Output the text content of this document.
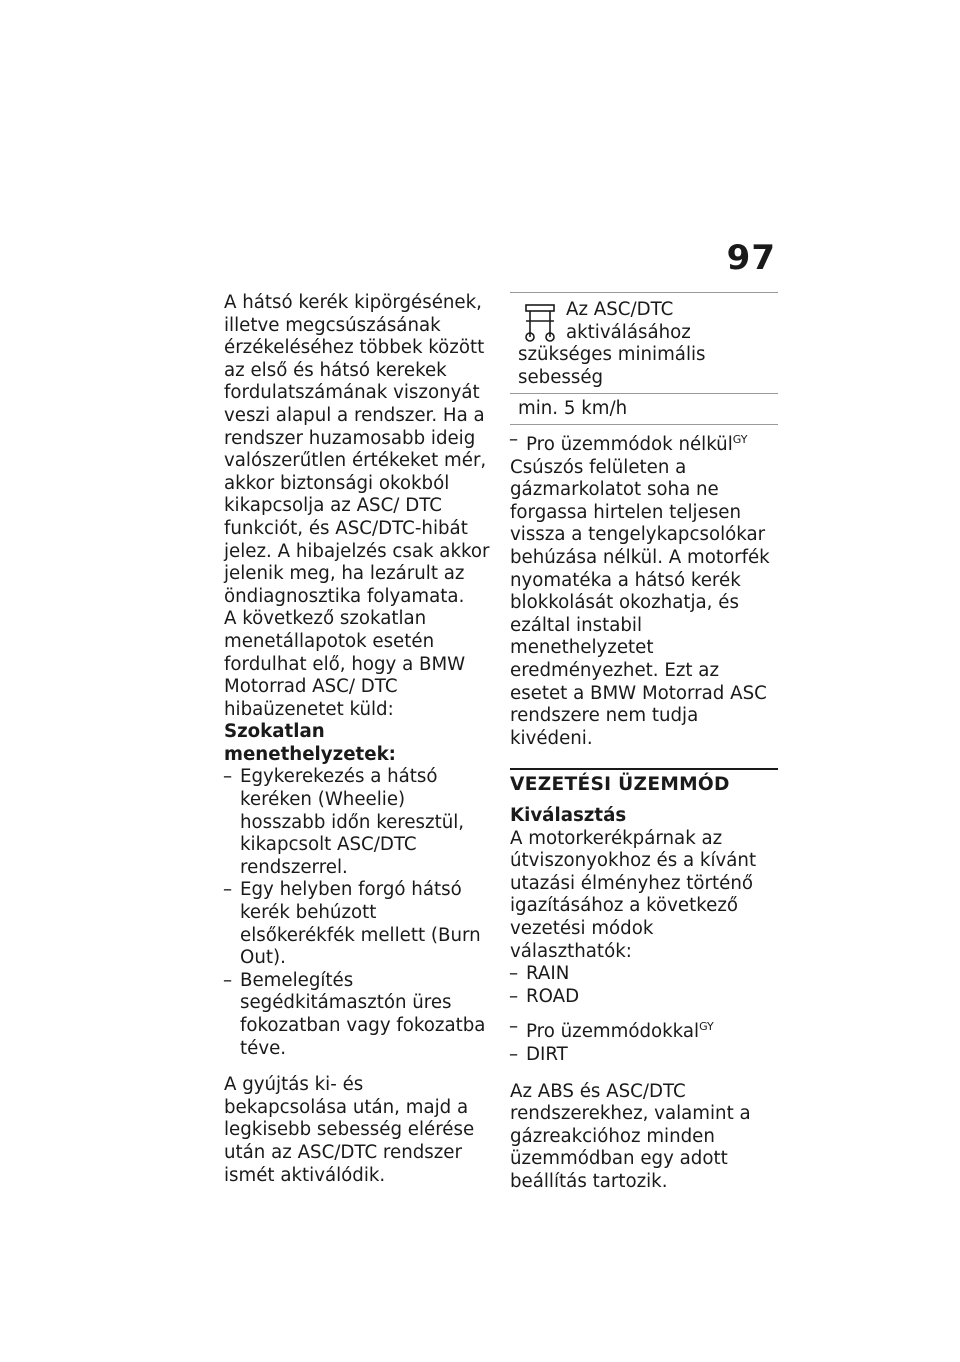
97

A hátsó kerék kipörgésének, illetve megcsúszásának érzékeléséhez többek között az első és hátsó kerekek fordulatszámának viszonyát veszi alapul a rendszer. Ha a rendszer huzamosabb ideig valószerűtlen értékeket mér, akkor biztonsági okokból kikapcsolja az ASC/ DTC funkciót, és ASC/DTC-hibát jelez. A hibajelzés csak akkor jelenik meg, ha lezárult az öndiagnosztika folyamata.

A következő szokatlan menetállapotok esetén fordulhat elő, hogy a BMW Motorrad ASC/ DTC hibaüzenetet küld:

Szokatlan menethelyzetek:
– Egykerekezés a hátsó keréken (Wheelie) hosszabb időn keresztül, kikapcsolt ASC/DTC rendszerrel.
– Egy helyben forgó hátsó kerék behúzott elsőkerékfék mellett (Burn Out).
– Bemelegítés segédkitámasztón üres fokozatban vagy fokozatba téve.

A gyújtás ki- és bekapcsolása után, majd a legkisebb sebesség elérése után az ASC/DTC rendszer ismét aktiválódik.

Az ASC/DTC aktiválásához szükséges minimális sebesség
min. 5 km/h
– Pro üzemmódok nélkül$^{GY}$

Csúszós felületen a gázmarkolatot soha ne forgassa hirtelen teljesen vissza a tengelykapcsolókar behúzása nélkül. A motorfék nyomatéka a hátsó kerék blokkolását okozhatja, és ezáltal instabil menethelyzetet eredményezhet. Ezt az esetet a BMW Motorrad ASC rendszere nem tudja kivédeni.

VEZETÉSI ÜZEMMÓD
Kiválasztás

A motorkerékpárnak az útviszonyokhoz és a kívánt utazási élményhez történő igazításához a következő vezetési módok választhatók:

– RAIN
– ROAD
– Pro üzemmódokkal$^{GY}$
– DIRT

Az ABS és ASC/DTC rendszerekhez, valamint a gázreakcióhoz minden üzemmódban egy adott beállítás tartozik.
